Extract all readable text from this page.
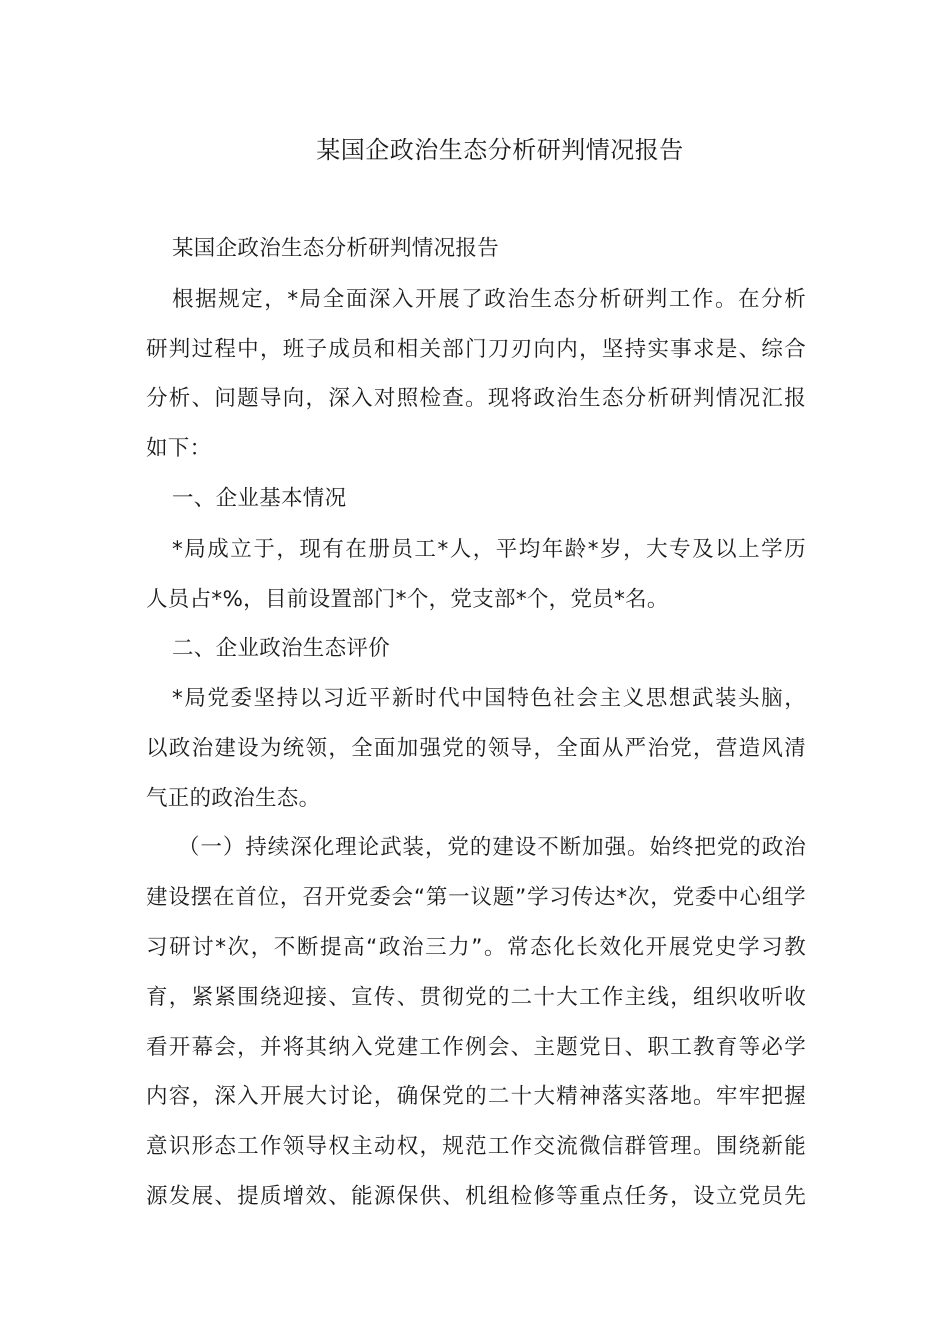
某国企政治生态分析研判情况报告

某国企政治生态分析研判情况报告

根据规定，*局全面深入开展了政治生态分析研判工作。在分析

研判过程中，班子成员和相关部门刀刃向内，坚持实事求是、综合

分析、问题导向，深入对照检查。现将政治生态分析研判情况汇报

如下：

一、企业基本情况

*局成立于，现有在册员工*人，平均年龄*岁，大专及以上学历

人员占*%，目前设置部门*个，党支部*个，党员*名。

二、企业政治生态评价

*局党委坚持以习近平新时代中国特色社会主义思想武装头脑，

以政治建设为统领，全面加强党的领导，全面从严治党，营造风清

气正的政治生态。

（一）持续深化理论武装，党的建设不断加强。始终把党的政治

建设摆在首位，召开党委会“第一议题”学习传达*次，党委中心组学

习研讨*次，不断提高“政治三力”。常态化长效化开展党史学习教

育，紧紧围绕迎接、宣传、贯彻党的二十大工作主线，组织收听收

看开幕会，并将其纳入党建工作例会、主题党日、职工教育等必学

内容，深入开展大讨论，确保党的二十大精神落实落地。牢牢把握

意识形态工作领导权主动权，规范工作交流微信群管理。围绕新能

源发展、提质增效、能源保供、机组检修等重点任务，设立党员先
